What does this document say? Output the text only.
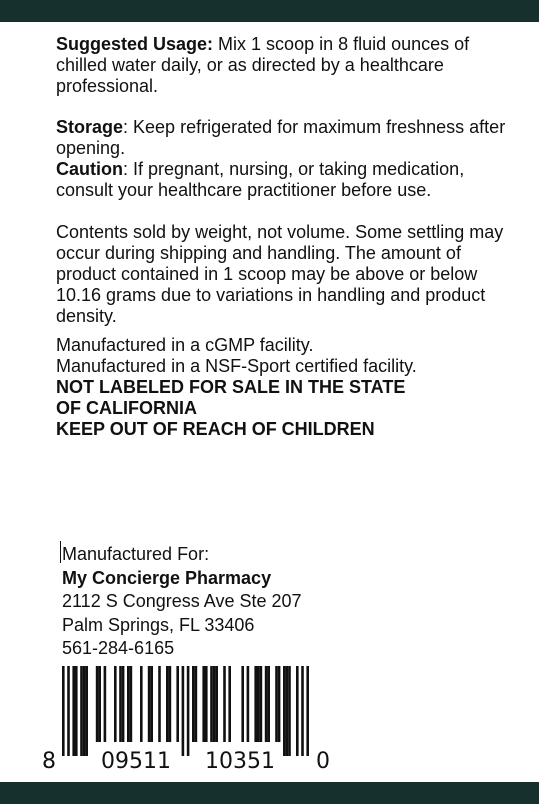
Suggested Usage: Mix 1 scoop in 8 fluid ounces of chilled water daily, or as directed by a healthcare professional.

Storage: Keep refrigerated for maximum freshness after opening.

Caution: If pregnant, nursing, or taking medication, consult your healthcare practitioner before use.

Contents sold by weight, not volume. Some settling may occur during shipping and handling. The amount of product contained in 1 scoop may be above or below 10.16 grams due to variations in handling and product density.

Manufactured in a cGMP facility.

Manufactured in a NSF-Sport certified facility.

NOT LABELED FOR SALE IN THE STATE

OF CALIFORNIA

KEEP OUT OF REACH OF CHILDREN

Manufactured For:
My Concierge Pharmacy
2112 S Congress Ave Ste 207
Palm Springs, FL 33406
561-284-6165
8 09511 10351 0
